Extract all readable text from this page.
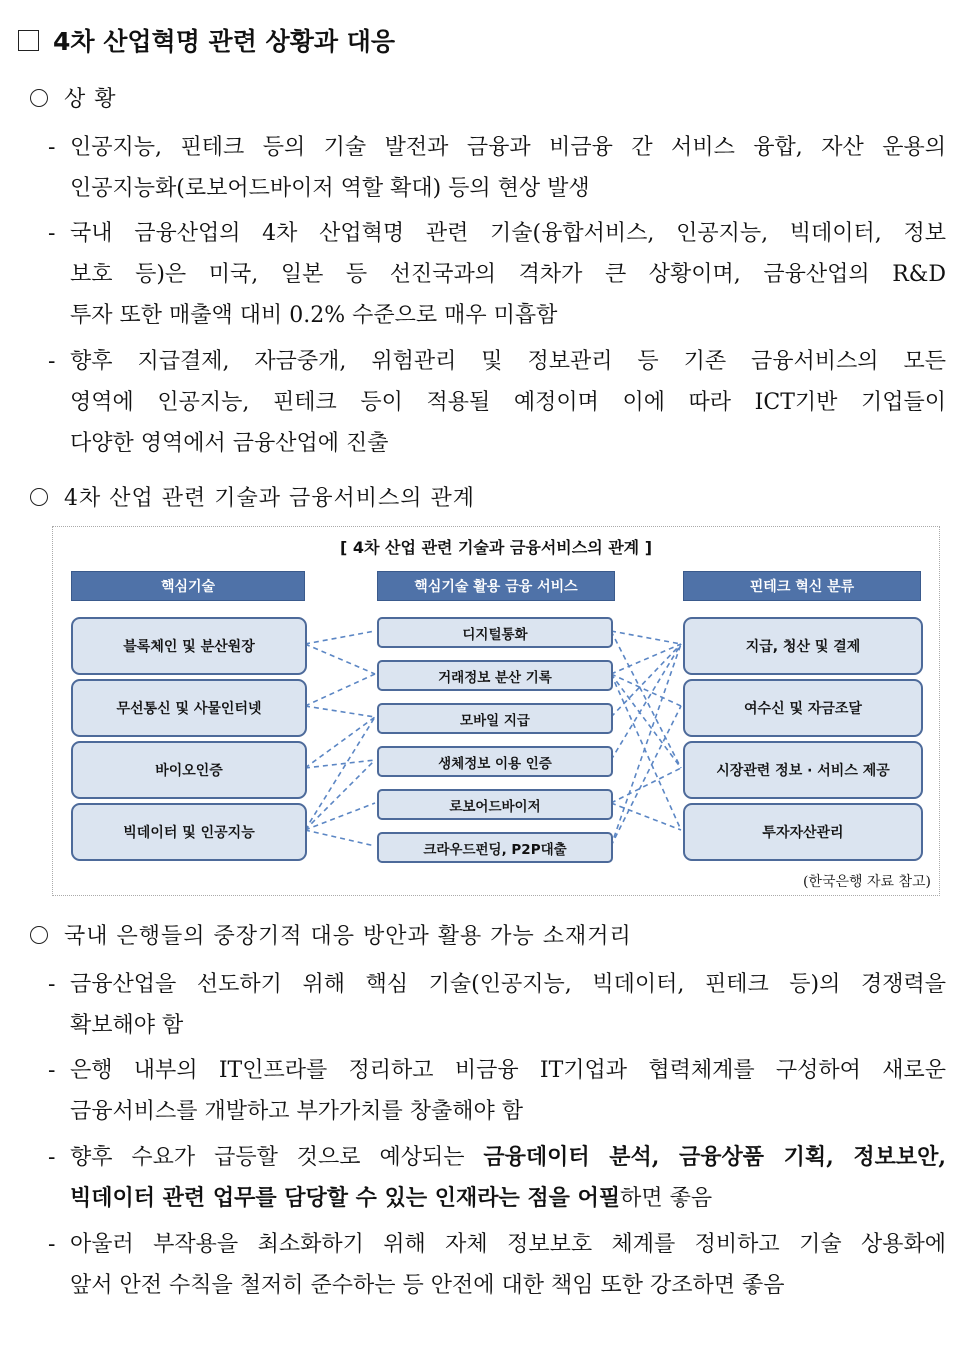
4차 산업혁명 관련 상황과 대응
상 황
- 인공지능, 핀테크 등의 기술 발전과 금융과 비금융 간 서비스 융합, 자산 운용의
인공지능화(로보어드바이저 역할 확대) 등의 현상 발생
- 국내 금융산업의 4차 산업혁명 관련 기술(융합서비스, 인공지능, 빅데이터, 정보
보호 등)은 미국, 일본 등 선진국과의 격차가 큰 상황이며, 금융산업의 R&D
투자 또한 매출액 대비 0.2% 수준으로 매우 미흡함
- 향후 지급결제, 자금중개, 위험관리 및 정보관리 등 기존 금융서비스의 모든
영역에 인공지능, 핀테크 등이 적용될 예정이며 이에 따라 ICT기반 기업들이
다양한 영역에서 금융산업에 진출
4차 산업 관련 기술과 금융서비스의 관계
[ 4차 산업 관련 기술과 금융서비스의 관계 ]
핵심기술	핵심기술 활용 금융 서비스	핀테크 혁신 분류
블록체인 및 분산원장
무선통신 및 사물인터넷
바이오인증
빅데이터 및 인공지능
디지털통화
거래정보 분산 기록
모바일 지급
생체정보 이용 인증
로보어드바이저
크라우드펀딩, P2P대출
지급, 청산 및 결제
여수신 및 자금조달
시장관련 정보 · 서비스 제공
투자자산관리
(한국은행 자료 참고)
국내 은행들의 중장기적 대응 방안과 활용 가능 소재거리
- 금융산업을 선도하기 위해 핵심 기술(인공지능, 빅데이터, 핀테크 등)의 경쟁력을
확보해야 함
- 은행 내부의 IT인프라를 정리하고 비금융 IT기업과 협력체계를 구성하여 새로운
금융서비스를 개발하고 부가가치를 창출해야 함
- 향후 수요가 급등할 것으로 예상되는 금융데이터 분석, 금융상품 기획, 정보보안,
빅데이터 관련 업무를 담당할 수 있는 인재라는 점을 어필하면 좋음
- 아울러 부작용을 최소화하기 위해 자체 정보보호 체계를 정비하고 기술 상용화에
앞서 안전 수칙을 철저히 준수하는 등 안전에 대한 책임 또한 강조하면 좋음
